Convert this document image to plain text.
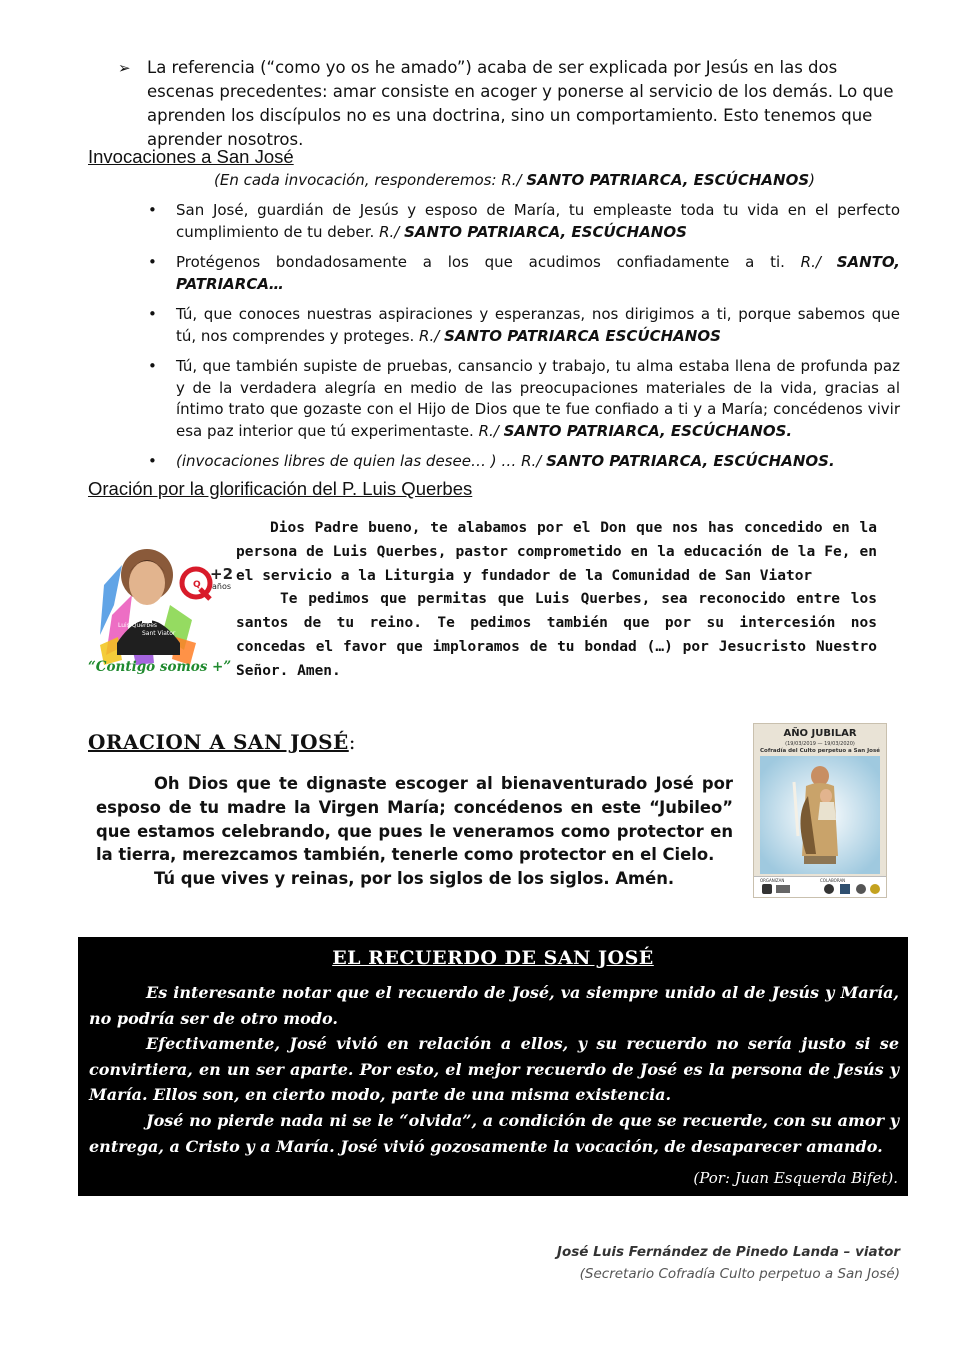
➢ La referencia (“como yo os he amado”) acaba de ser explicada por Jesús en las dos escenas precedentes: amar consiste en acoger y ponerse al servicio de los demás. Lo que aprenden los discípulos no es una doctrina, sino un comportamiento. Esto tenemos que aprender nosotros.
Invocaciones a San José
(En cada invocación, responderemos: R./ SANTO PATRIARCA, ESCÚCHANOS)
• San José, guardián de Jesús y esposo de María, tu empleaste toda tu vida en el perfecto cumplimiento de tu deber. R./ SANTO PATRIARCA, ESCÚCHANOS
• Protégenos bondadosamente a los que acudimos confiadamente a ti. R./ SANTO, PATRIARCA…
• Tú, que conoces nuestras aspiraciones y esperanzas, nos dirigimos a ti, porque sabemos que tú, nos comprendes y proteges. R./ SANTO PATRIARCA ESCÚCHANOS
• Tú, que también supiste de pruebas, cansancio y trabajo, tu alma estaba llena de profunda paz y de la verdadera alegría en medio de las preocupaciones materiales de la vida, gracias al íntimo trato que gozaste con el Hijo de Dios que te fue confiado a ti y a María; concédenos vivir esa paz interior que tú experimentaste. R./ SANTO PATRIARCA, ESCÚCHANOS.
• (invocaciones libres de quien las desee… ) … R./ SANTO PATRIARCA, ESCÚCHANOS.
Oración por la glorificación del P. Luis Querbes
Q
+2
años
Luis Querbes
Sant Viator
“Contigo somos +”

Dios Padre bueno, te alabamos por el Don que nos has concedido en la persona de Luis Querbes, pastor comprometido en la educación de la Fe, en el servicio a la Liturgia y fundador de la Comunidad de San Viator

Te pedimos que permitas que Luis Querbes, sea reconocido entre los santos de tu reino. Te pedimos también que por su intercesión nos concedas el favor que imploramos de tu bondad (…) por Jesucristo Nuestro Señor. Amen.

ORACION A SAN JOSÉ:

Oh Dios que te dignaste escoger al bienaventurado José por esposo de tu madre la Virgen María; concédenos en este “Jubileo” que estamos celebrando, que pues le veneramos como protector en la tierra, merezcamos también, tenerle como protector en el Cielo.

Tú que vives y reinas, por los siglos de los siglos. Amén.

AÑO JUBILAR
(19/03/2019 — 19/03/2020)
Cofradía del Culto perpetuo a San José
ORGANIZAN	COLABORAN
EL RECUERDO DE SAN JOSÉ

Es interesante notar que el recuerdo de José, va siempre unido al de Jesús y María, no podría ser de otro modo.

Efectivamente, José vivió en relación a ellos, y su recuerdo no sería justo si se convirtiera, en un ser aparte. Por esto, el mejor recuerdo de José es la persona de Jesús y María. Ellos son, en cierto modo, parte de una misma existencia.

José no pierde nada ni se le “olvida”, a condición de que se recuerde, con su amor y entrega, a Cristo y a María. José vivió gozosamente la vocación, de desaparecer amando.

(Por: Juan Esquerda Bifet).
José Luis Fernández de Pinedo Landa – viator
(Secretario Cofradía Culto perpetuo a San José)
